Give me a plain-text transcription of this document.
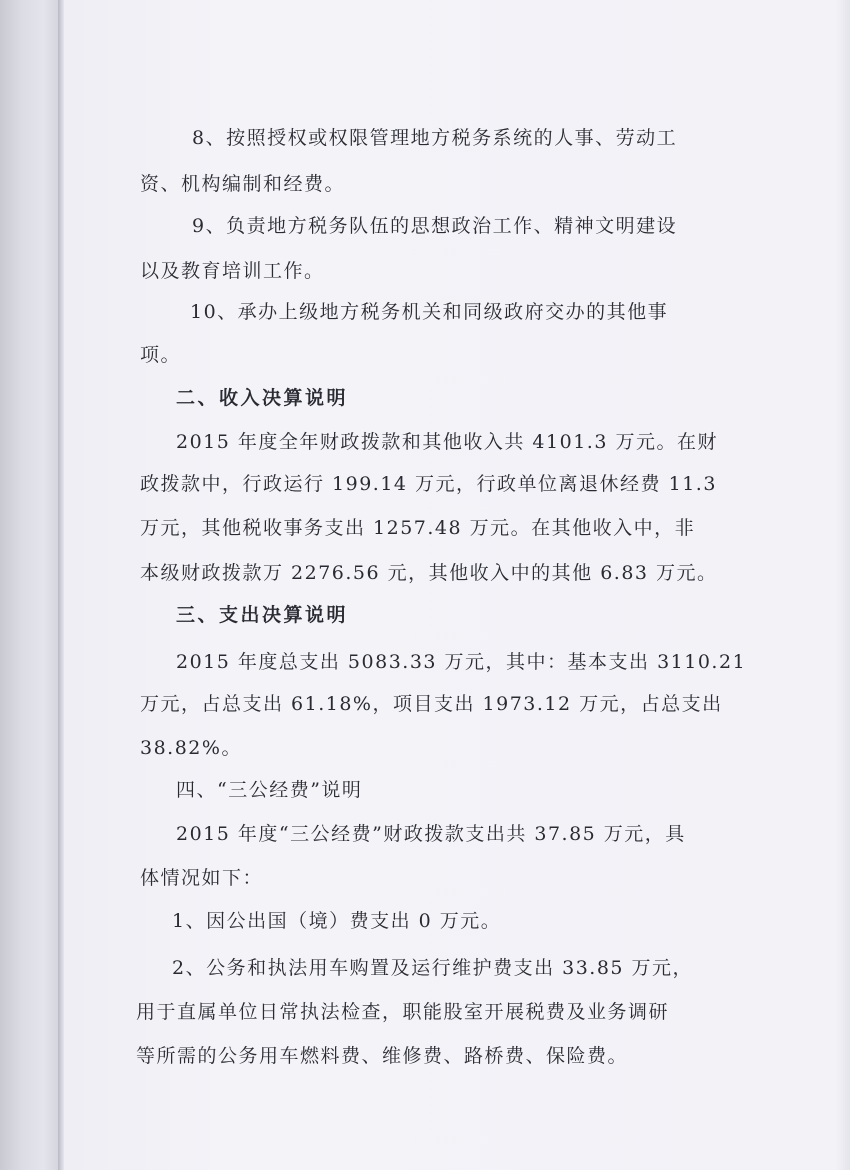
8、按照授权或权限管理地方税务系统的人事、劳动工

资、机构编制和经费。

9、负责地方税务队伍的思想政治工作、精神文明建设

以及教育培训工作。

10、承办上级地方税务机关和同级政府交办的其他事

项。

二、收入决算说明

2015 年度全年财政拨款和其他收入共 4101.3 万元。在财

政拨款中，行政运行 199.14 万元，行政单位离退休经费 11.3

万元，其他税收事务支出 1257.48 万元。在其他收入中，非

本级财政拨款万 2276.56 元，其他收入中的其他 6.83 万元。

三、支出决算说明

2015 年度总支出 5083.33 万元，其中：基本支出 3110.21

万元，占总支出 61.18%，项目支出 1973.12 万元，占总支出

38.82%。

四、“三公经费”说明

2015 年度“三公经费”财政拨款支出共 37.85 万元，具

体情况如下：

1、因公出国（境）费支出 0 万元。

2、公务和执法用车购置及运行维护费支出 33.85 万元，

用于直属单位日常执法检查，职能股室开展税费及业务调研

等所需的公务用车燃料费、维修费、路桥费、保险费。
